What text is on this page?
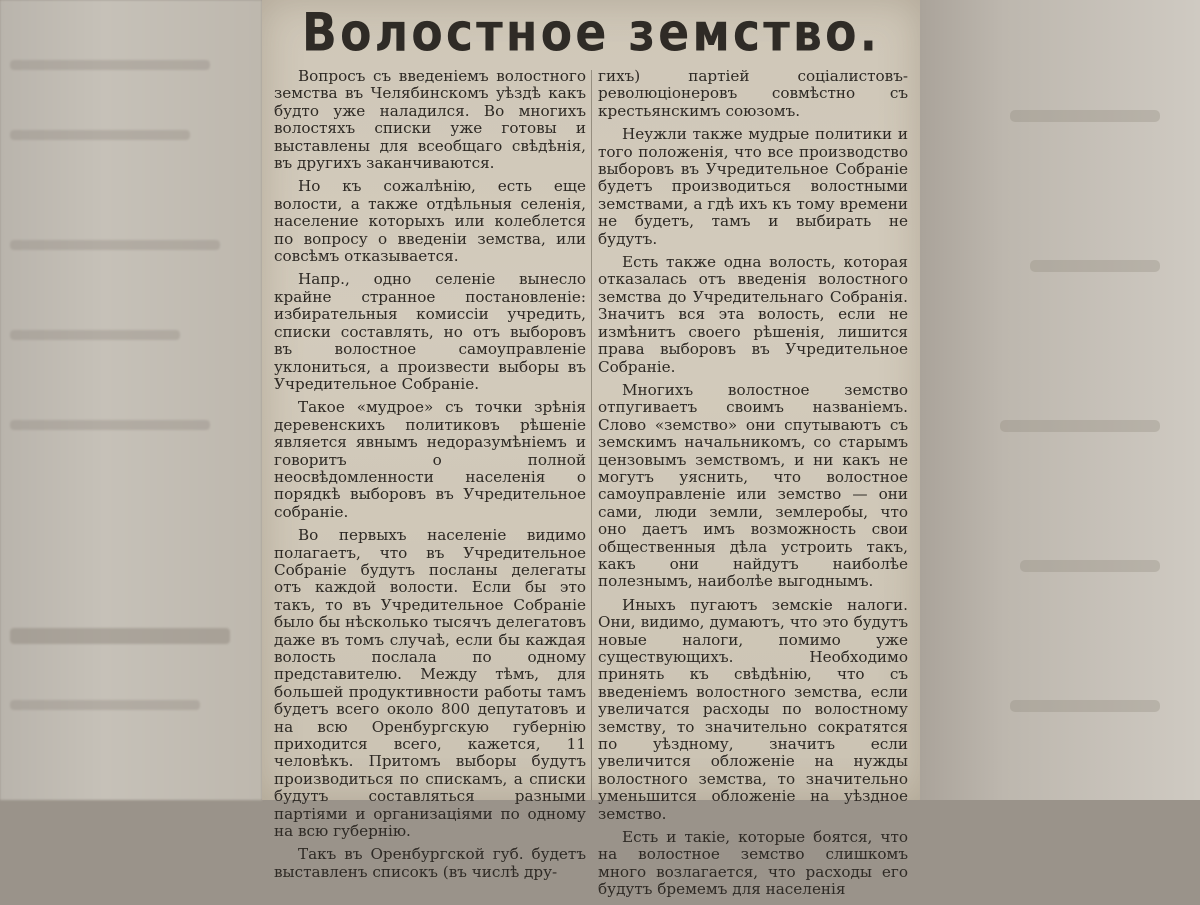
Волостное земство.

Вопросъ съ введеніемъ волостного земства въ Челябинскомъ уѣздѣ какъ будто уже наладился. Во многихъ волостяхъ списки уже готовы и выставлены для всеобщаго свѣдѣнія, въ другихъ заканчиваются.

Но къ сожалѣнію, есть еще волости, а также отдѣльныя селенія, население которыхъ или колеблется по вопросу о введеніи земства, или совсѣмъ отказывается.

Напр., одно селеніе вынесло крайне странное постановленіе: избирательныя комиссіи учредить, списки составлять, но отъ выборовъ въ волостное самоуправленіе уклониться, а произвести выборы въ Учредительное Собраніе.

Такое «мудрое» съ точки зрѣнія деревенскихъ политиковъ рѣшеніе является явнымъ недоразумѣніемъ и говоритъ о полной неосвѣдомленности населенія о порядкѣ выборовъ въ Учредительное собраніе.

Во первыхъ населеніе видимо полагаетъ, что въ Учредительное Собраніе будутъ посланы делегаты отъ каждой волости. Если бы это такъ, то въ Учредительное Собраніе было бы нѣсколько тысячъ делегатовъ даже въ томъ случаѣ, если бы каждая волость послала по одному представителю. Между тѣмъ, для большей продуктивности работы тамъ будетъ всего около 800 депутатовъ и на всю Оренбургскую губернію приходится всего, кажется, 11 человѣкъ. Притомъ выборы будутъ производиться по спискамъ, а списки будутъ составляться разными партіями и организаціями по одному на всю губернію.

Такъ въ Оренбургской губ. будетъ выставленъ списокъ (въ числѣ дру-

гихъ) партіей соціалистовъ-революціонеровъ совмѣстно съ крестьянскимъ союзомъ.

Неужли также мудрые политики и того положенія, что все производство выборовъ въ Учредительное Собраніе будетъ производиться волостными земствами, а гдѣ ихъ къ тому времени не будетъ, тамъ и выбирать не будутъ.

Есть также одна волость, которая отказалась отъ введенія волостного земства до Учредительнаго Собранія. Значитъ вся эта волость, если не измѣнитъ своего рѣшенія, лишится права выборовъ въ Учредительное Собраніе.

Многихъ волостное земство отпугиваетъ своимъ названіемъ. Слово «земство» они спутываютъ съ земскимъ начальникомъ, со старымъ цензовымъ земствомъ, и ни какъ не могутъ уяснить, что волостное самоуправленіе или земство — они сами, люди земли, землеробы, что оно даетъ имъ возможность свои общественныя дѣла устроить такъ, какъ они найдутъ наиболѣе полезнымъ, наиболѣе выгоднымъ.

Иныхъ пугаютъ земскіе налоги. Они, видимо, думаютъ, что это будутъ новые налоги, помимо уже существующихъ. Необходимо принять къ свѣдѣнію, что съ введеніемъ волостного земства, если увеличатся расходы по волостному земству, то значительно сократятся по уѣздному, значитъ если увеличится обложеніе на нужды волостного земства, то значительно уменьшится обложеніе на уѣздное земство.

Есть и такіе, которые боятся, что на волостное земство слишкомъ много возлагается, что расходы его будутъ бремемъ для населенія
